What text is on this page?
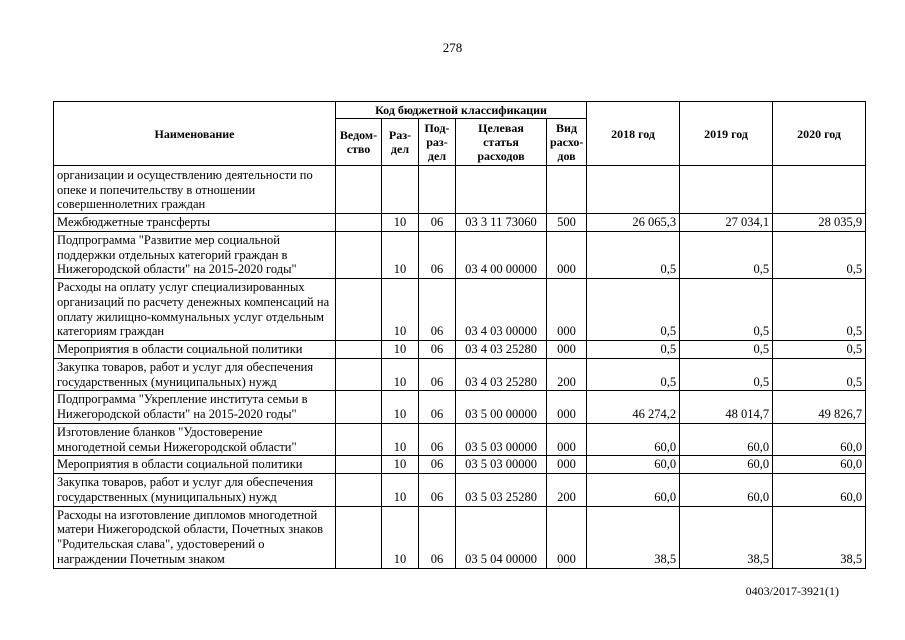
278
Наименование	Код бюджетной классификации					2018 год	2019 год	2020 год
	Ведом-ство	Раз-дел	Под-раз-дел	Целевая статья расходов	Вид расхо-дов			
организации и осуществлению деятельности по опеке и попечительству в отношении совершеннолетних граждан								
Межбюджетные трансферты		10	06	03 3 11 73060	500	26 065,3	27 034,1	28 035,9
Подпрограмма "Развитие мер социальной поддержки отдельных категорий граждан в Нижегородской области" на 2015-2020 годы"		10	06	03 4 00 00000	000	0,5	0,5	0,5
Расходы на оплату услуг специализированных организаций по расчету денежных компенсаций на оплату жилищно-коммунальных услуг отдельным категориям граждан		10	06	03 4 03 00000	000	0,5	0,5	0,5
Мероприятия в области социальной политики		10	06	03 4 03 25280	000	0,5	0,5	0,5
Закупка товаров, работ и услуг для обеспечения государственных (муниципальных) нужд		10	06	03 4 03 25280	200	0,5	0,5	0,5
Подпрограмма "Укрепление института семьи в Нижегородской области" на 2015-2020 годы"		10	06	03 5 00 00000	000	46 274,2	48 014,7	49 826,7
Изготовление бланков "Удостоверение многодетной семьи Нижегородской области"		10	06	03 5 03 00000	000	60,0	60,0	60,0
Мероприятия в области социальной политики		10	06	03 5 03 00000	000	60,0	60,0	60,0
Закупка товаров, работ и услуг для обеспечения государственных (муниципальных) нужд		10	06	03 5 03 25280	200	60,0	60,0	60,0
Расходы на изготовление дипломов многодетной матери Нижегородской области, Почетных знаков "Родительская слава", удостоверений о награждении Почетным знаком		10	06	03 5 04 00000	000	38,5	38,5	38,5
0403/2017-3921(1)
